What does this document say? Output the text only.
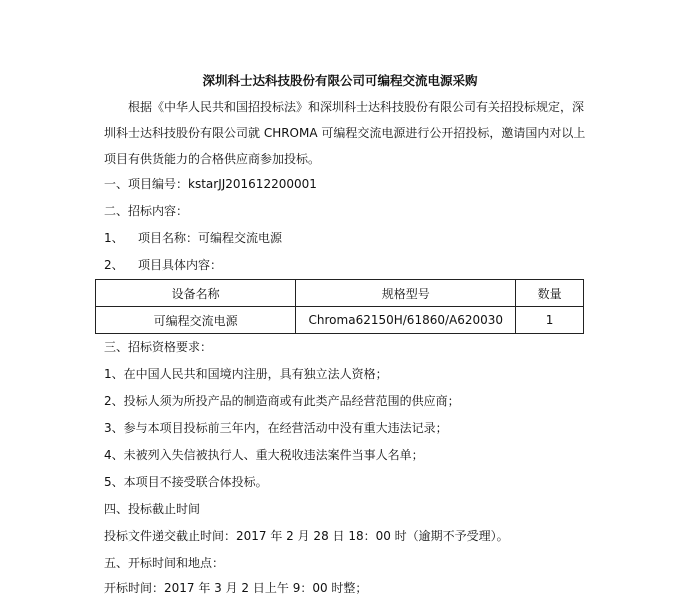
深圳科士达科技股份有限公司可编程交流电源采购

根据《中华人民共和国招投标法》和深圳科士达科技股份有限公司有关招投标规定，深圳科士达科技股份有限公司就 CHROMA 可编程交流电源进行公开招投标，邀请国内对以上项目有供货能力的合格供应商参加投标。

一、项目编号：kstarJJ201612200001
二、招标内容：
1、 项目名称：可编程交流电源
2、 项目具体内容：
设备名称	规格型号	数量
可编程交流电源	Chroma62150H/61860/A620030	1
三、招标资格要求：
1、在中国人民共和国境内注册，具有独立法人资格；
2、投标人须为所投产品的制造商或有此类产品经营范围的供应商；
3、参与本项目投标前三年内，在经营活动中没有重大违法记录；
4、未被列入失信被执行人、重大税收违法案件当事人名单；
5、本项目不接受联合体投标。
四、投标截止时间
投标文件递交截止时间：2017 年 2 月 28 日 18：00 时（逾期不予受理）。
五、开标时间和地点：
开标时间：2017 年 3 月 2 日上午 9：00 时整；
